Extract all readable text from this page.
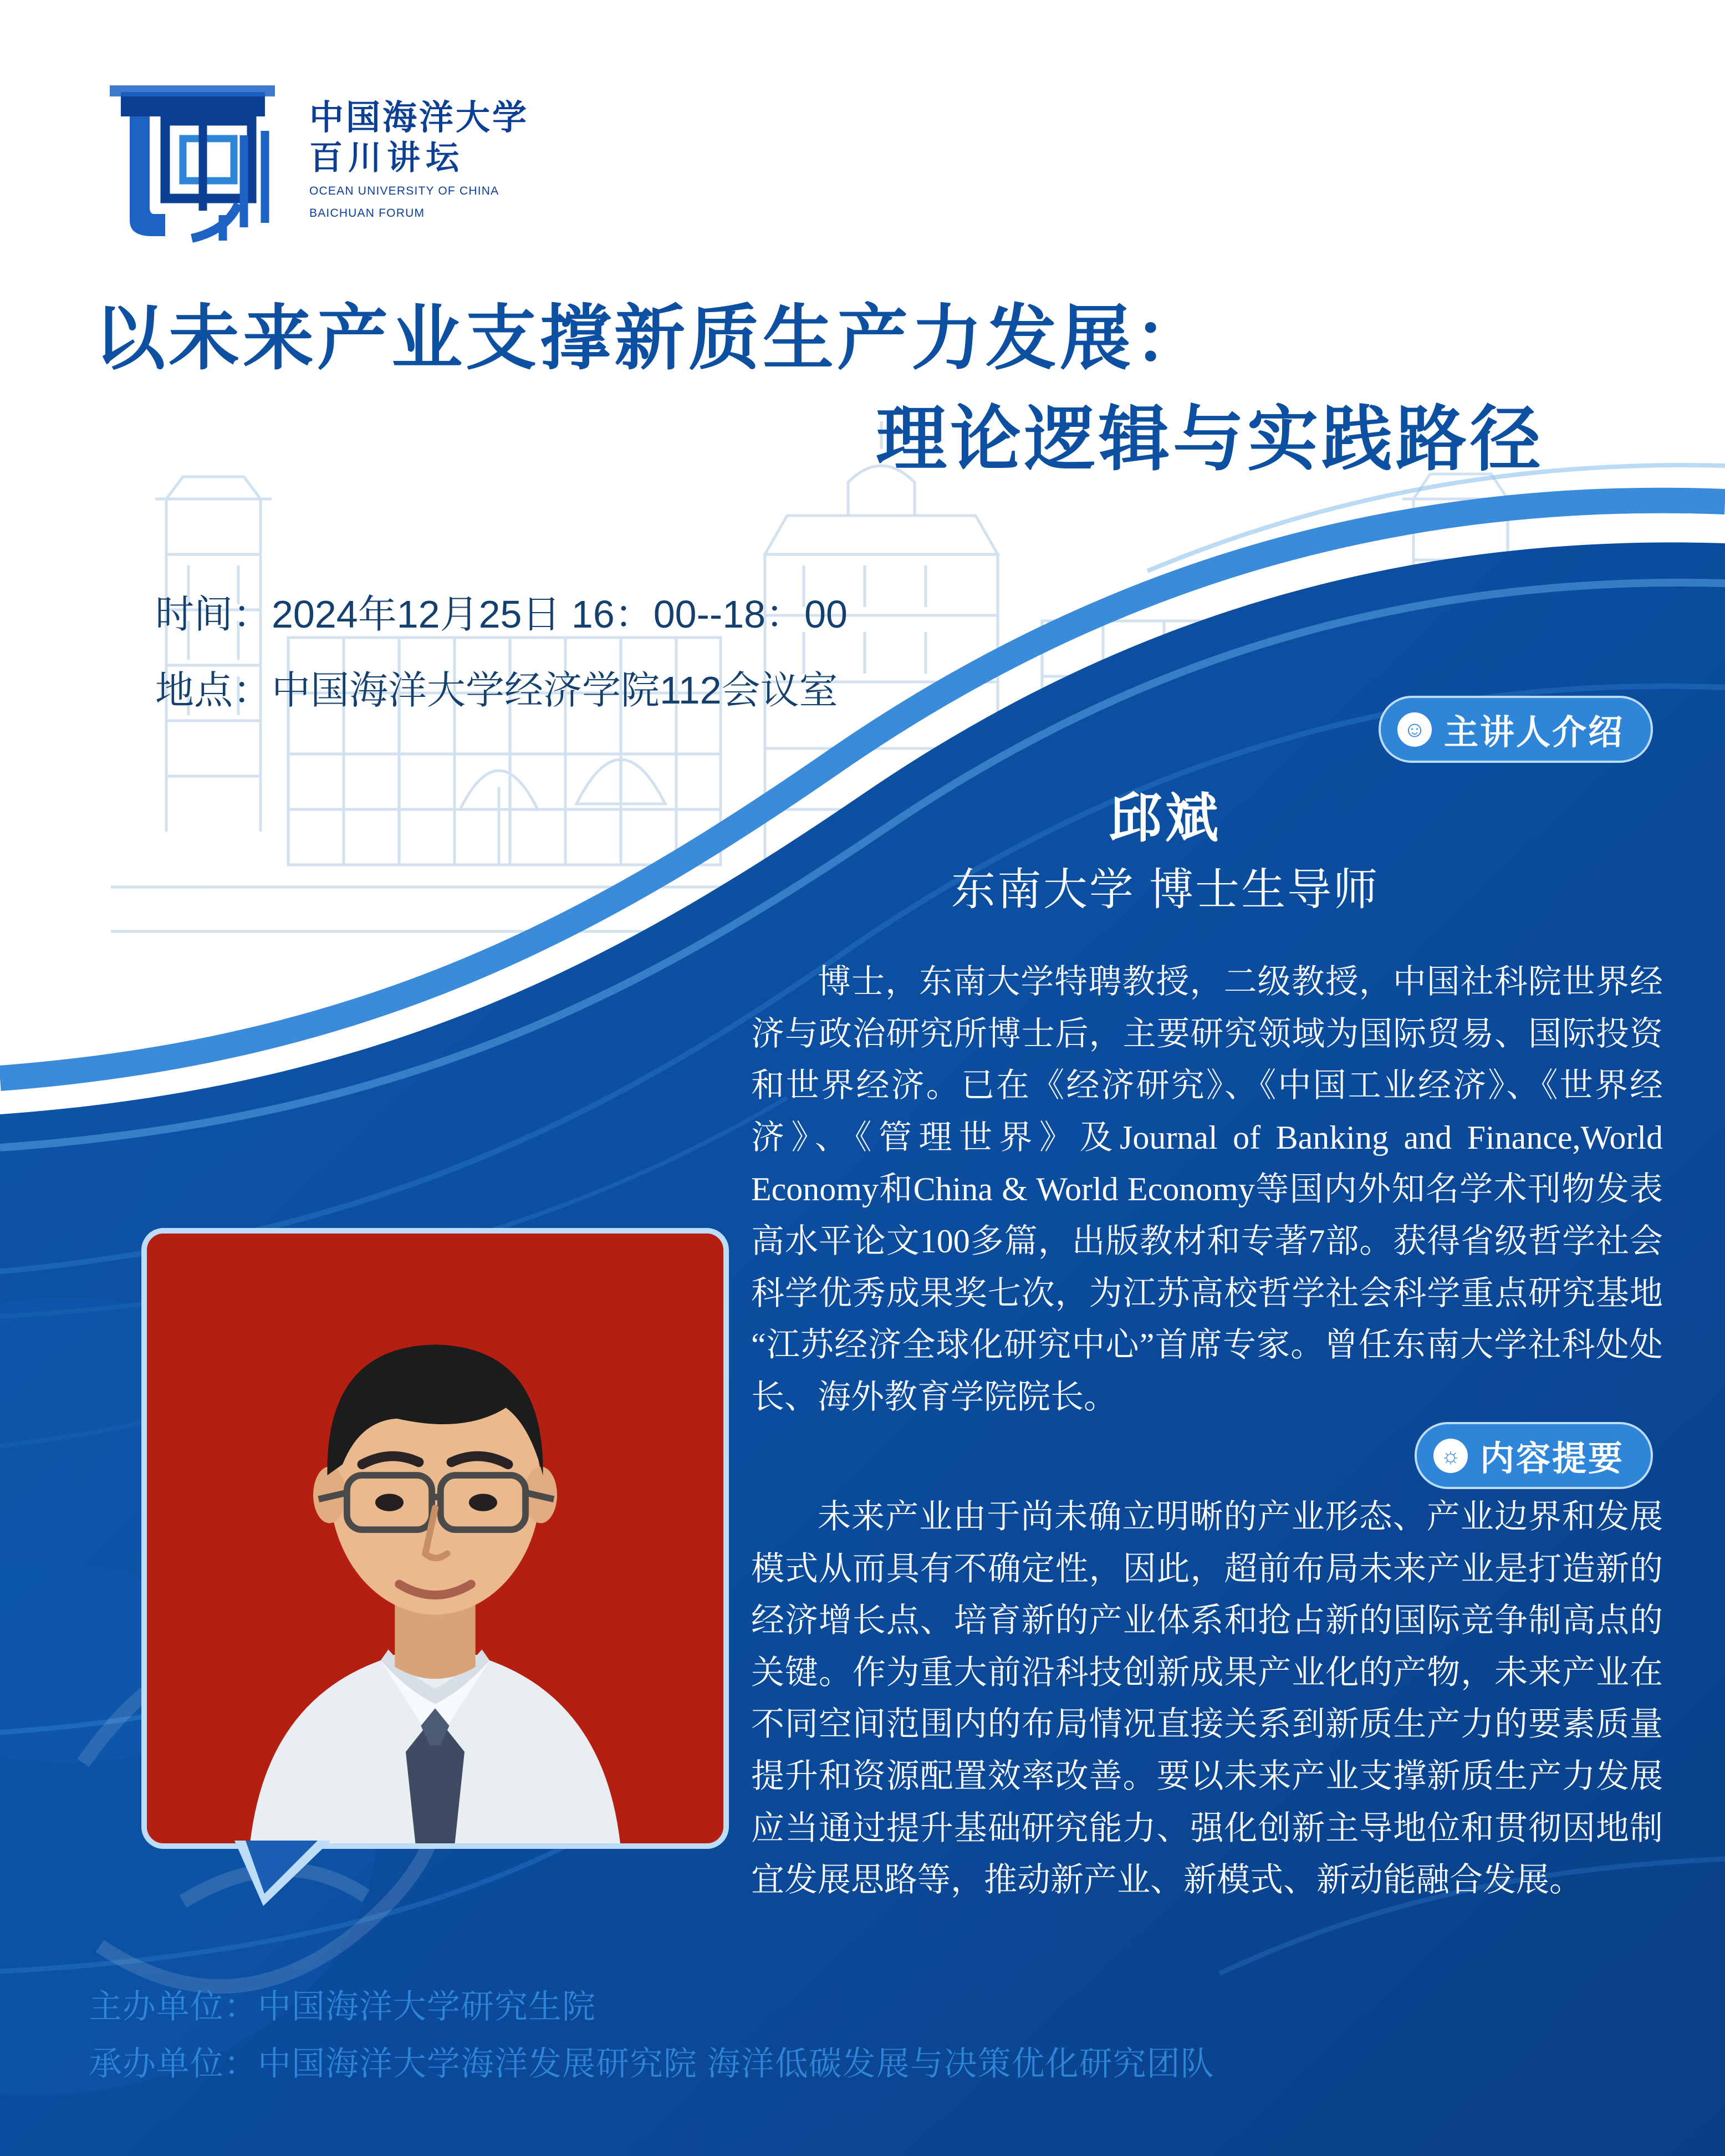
中国海洋大学
百川讲坛
OCEAN UNIVERSITY OF CHINA
BAICHUAN FORUM
以未来产业支撑新质生产力发展：
理论逻辑与实践路径
时间：2024年12月25日 16：00--18：00
地点：中国海洋大学经济学院112会议室
☺ 主讲人介绍
邱斌
东南大学 博士生导师
博士，东南大学特聘教授，二级教授，中国社科院世界经济与政治研究所博士后，主要研究领域为国际贸易、国际投资和世界经济。已在《经济研究》、《中国工业经济》、《世界经济》、《管理世界》及Journal of Banking and Finance,World Economy和China & World Economy等国内外知名学术刊物发表高水平论文100多篇，出版教材和专著7部。获得省级哲学社会科学优秀成果奖七次，为江苏高校哲学社会科学重点研究基地“江苏经济全球化研究中心”首席专家。曾任东南大学社科处处长、海外教育学院院长。
☼ 内容提要
未来产业由于尚未确立明晰的产业形态、产业边界和发展模式从而具有不确定性，因此，超前布局未来产业是打造新的经济增长点、培育新的产业体系和抢占新的国际竞争制高点的关键。作为重大前沿科技创新成果产业化的产物，未来产业在不同空间范围内的布局情况直接关系到新质生产力的要素质量提升和资源配置效率改善。要以未来产业支撑新质生产力发展应当通过提升基础研究能力、强化创新主导地位和贯彻因地制宜发展思路等，推动新产业、新模式、新动能融合发展。
主办单位：中国海洋大学研究生院
承办单位：中国海洋大学海洋发展研究院 海洋低碳发展与决策优化研究团队
